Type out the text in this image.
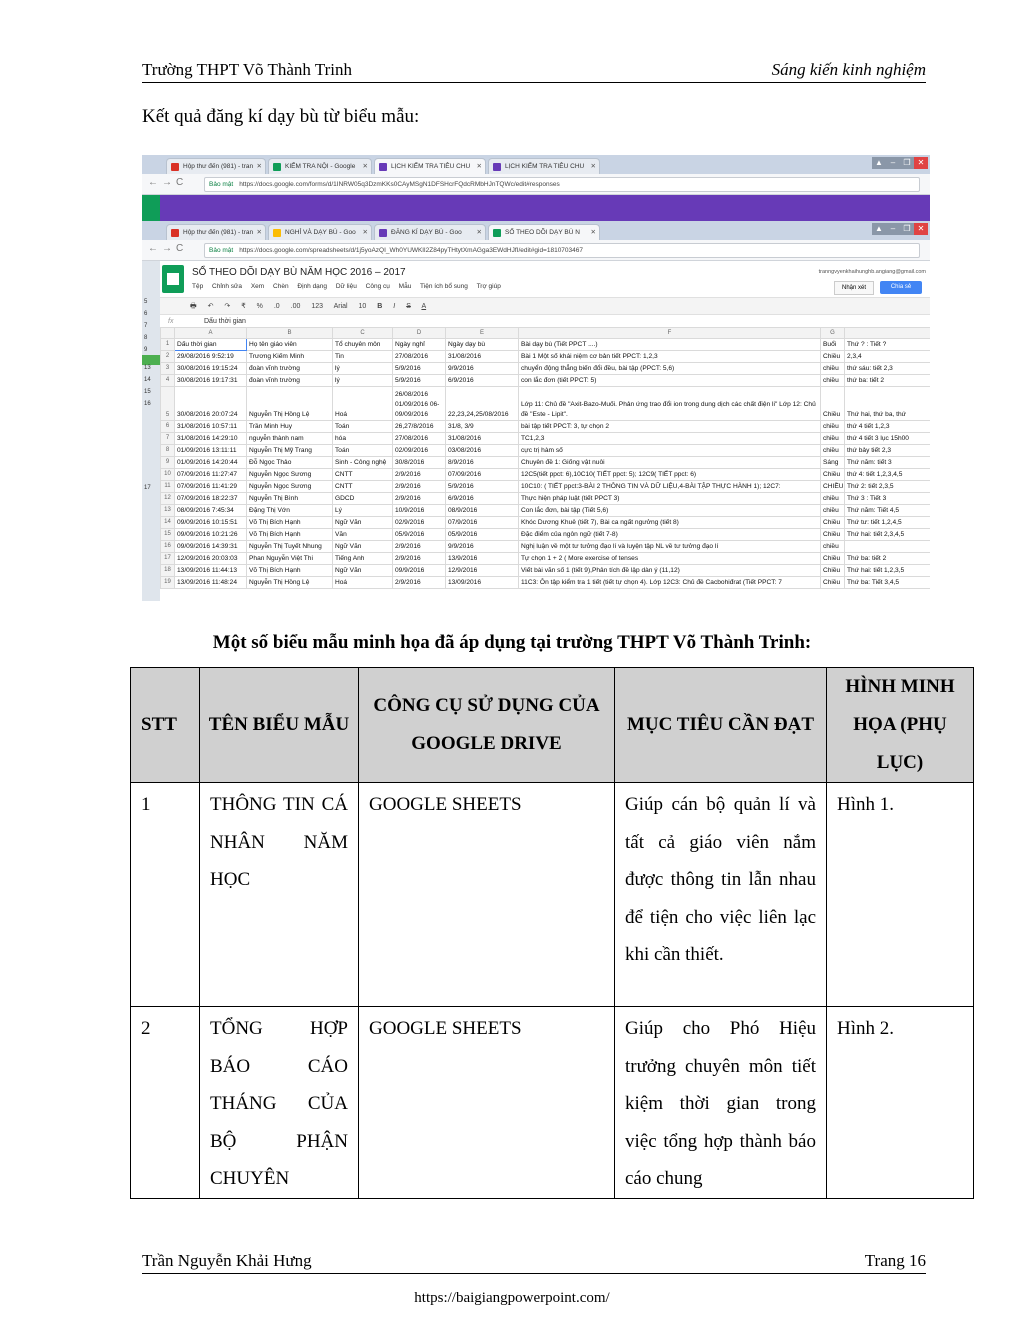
Trường THPT Võ Thành Trinh	Sáng kiến kinh nghiệm
Kết quả đăng kí dạy bù từ biểu mẫu:
5
6
7
8
9
13
14
15
16
17
Hộp thư đến (981) - tran ✕	KIỂM TRA NỘI - Google ✕	LỊCH KIỂM TRA TIÊU CHU ✕	LỊCH KIỂM TRA TIÊU CHU ✕	▲ – ❐ ✕
←→C	Bảo mật https://docs.google.com/forms/d/1INRW05q3DzmKKs0CAyMSgN1DFSHcrFQdcRMbHJnTQWc/edit#responses
Hộp thư đến (981) - tran ✕	NGHỈ VÀ DẠY BÙ - Goo ✕	ĐĂNG KÍ DẠY BÙ - Goo ✕	SỔ THEO DÕI DẠY BÙ N ✕	▲ – ❐ ✕
←→C	Bảo mật https://docs.google.com/spreadsheets/d/1j5yoAzQI_Wh0YUWKlI2Z84pyTHtytXmAGga3EWdHJfI/edit#gid=1810703467
SỔ THEO DÕI DẠY BÙ NĂM HỌC 2016 – 2017
Tệp Chỉnh sửa Xem Chèn Định dạng Dữ liệu Công cụ Mẫu Tiện ích bổ sung Trợ giúp
tranngvyenkhaihunghb.angiang@gmail.com
Nhận xét	Chia sẻ
🖶 ↶ ↷ ₹ % .0 .00 123 Arial 10 B I S A
fx	Dấu thời gian
	A	B	C	D	E	F	G	
1	Dấu thời gian	Họ tên giáo viên	Tổ chuyên môn	Ngày nghỉ	Ngày dạy bù	Bài dạy bù (Tiết PPCT ....)	Buổi	Thứ ? : Tiết ?
2	29/08/2016 9:52:19	Trương Kiếm Minh	Tin	27/08/2016	31/08/2016	Bài 1 Một số khái niệm cơ bản tiết PPCT: 1,2,3	Chiều	2,3,4
3	30/08/2016 19:15:24	đoàn vĩnh trường	lý	5/9/2016	9/9/2016	chuyển động thẳng biến đổi đều, bài tập (PPCT: 5,6)	chiều	thứ sáu: tiết 2,3
4	30/08/2016 19:17:31	đoàn vĩnh trường	lý	5/9/2016	6/9/2016	con lắc đơn (tiết PPCT: 5)	chiều	thứ ba: tiết 2
5	30/08/2016 20:07:24	Nguyễn Thị Hồng Lệ	Hoá	26/08/2016 01/09/2016 06-09/09/2016	22,23,24,25/08/2016	Lớp 11: Chủ đề "Axit-Bazo-Muối. Phản ứng trao đổi ion trong dung dịch các chất điện li" Lớp 12: Chủ đề "Este - Lipit".	Chiều	Thứ hai, thứ ba, thứ
6	31/08/2016 10:57:11	Trần Minh Huy	Toán	26,27/8/2016	31/8, 3/9	bài tập tiết PPCT: 3, tự chọn 2	chiều	thứ 4 tiết 1,2,3
7	31/08/2016 14:29:10	nguyễn thành nam	hóa	27/08/2016	31/08/2016	TC1,2,3	chiều	thứ 4 tiết 3 lục 15h00
8	01/09/2016 13:11:11	Nguyễn Thị Mỹ Trang	Toán	02/09/2016	03/08/2016	cực trị hàm số	chiều	thứ bảy tiết 2,3
9	01/09/2016 14:20:44	Đỗ Ngọc Thảo	Sinh - Công nghệ	30/8/2016	8/9/2016	Chuyên đề 1: Giống vật nuôi	Sáng	Thứ năm: tiết 3
10	07/09/2016 11:27:47	Nguyễn Ngọc Sương	CNTT	2/9/2016	07/09/2016	12C5(tiết ppct: 6),10C10( TIẾT ppct: 5); 12C9( TIẾT ppct: 6)	Chiều	thứ 4: tiết 1,2,3,4,5
11	07/09/2016 11:41:29	Nguyễn Ngọc Sương	CNTT	2/9/2016	5/9/2016	10C10: ( TIẾT ppct:3-BÀI 2 THÔNG TIN VÀ DỮ LIỆU,4-BÀI TẬP THỰC HÀNH 1); 12C7:	CHIỀU	Thứ 2: tiết 2,3,5
12	07/09/2016 18:22:37	Nguyễn Thị Bình	GDCD	2/9/2016	6/9/2016	Thực hiện pháp luật (tiết PPCT 3)	chiều	Thứ 3 : Tiết 3
13	08/09/2016 7:45:34	Đặng Thị Vớn	Lý	10/9/2016	08/9/2016	Con lắc đơn, bài tập (Tiết 5,6)	chiều	Thứ năm: Tiết 4,5
14	09/09/2016 10:15:51	Võ Thị Bích Hạnh	Ngữ Văn	02/9/2016	07/9/2016	Khóc Dương Khuê (tiết 7), Bài ca ngất ngưởng (tiết 8)	Chiều	Thứ tư: tiết 1,2,4,5
15	09/09/2016 10:21:26	Võ Thị Bích Hạnh	Văn	05/9/2016	05/9/2016	Đặc điểm của ngôn ngữ (tiết 7-8)	Chiều	Thứ hai: tiết 2,3,4,5
16	09/09/2016 14:39:31	Nguyễn Thị Tuyết Nhung	Ngữ Văn	2/9/2016	9/9/2016	Nghị luận về một tư tưởng đạo lí và luyện tập NL về tư tưởng đạo lí	chiều	
17	12/09/2016 20:03:03	Phan Nguyễn Việt Thi	Tiếng Anh	2/9/2016	13/9/2016	Tự chọn 1 + 2 ( More exercise of tenses	Chiều	Thứ ba: tiết 2
18	13/09/2016 11:44:13	Võ Thị Bích Hạnh	Ngữ Văn	09/9/2016	12/9/2016	Viết bài văn số 1 (tiết 9),Phân tích đề lập dàn ý (11,12)	Chiều	Thứ hai: tiết 1,2,3,5
19	13/09/2016 11:48:24	Nguyễn Thị Hồng Lệ	Hoá	2/9/2016	13/09/2016	11C3: Ôn tập kiểm tra 1 tiết (tiết tự chọn 4). Lớp 12C3: Chủ đề Cacbohiđrat (Tiết PPCT: 7	Chiều	Thứ ba: Tiết 3,4,5
Một số biểu mẫu minh họa đã áp dụng tại trường THPT Võ Thành Trinh:
STT	TÊN BIỂU MẪU	CÔNG CỤ SỬ DỤNG CỦA GOOGLE DRIVE	MỤC TIÊU CẦN ĐẠT	HÌNH MINH HỌA (PHỤ LỤC)
1	THÔNG TIN CÁ NHÂN NĂM HỌC	GOOGLE SHEETS	Giúp cán bộ quản lí và tất cả giáo viên nắm được thông tin lẫn nhau để tiện cho việc liên lạc khi cần thiết.	Hình 1.
2	TỔNG HỢP BÁO CÁO THÁNG CỦA BỘ PHẬN CHUYÊN	GOOGLE SHEETS	Giúp cho Phó Hiệu trưởng chuyên môn tiết kiệm thời gian trong việc tổng hợp thành báo cáo chung	Hình 2.
Trần Nguyễn Khải Hưng	Trang 16
https://baigiangpowerpoint.com/
